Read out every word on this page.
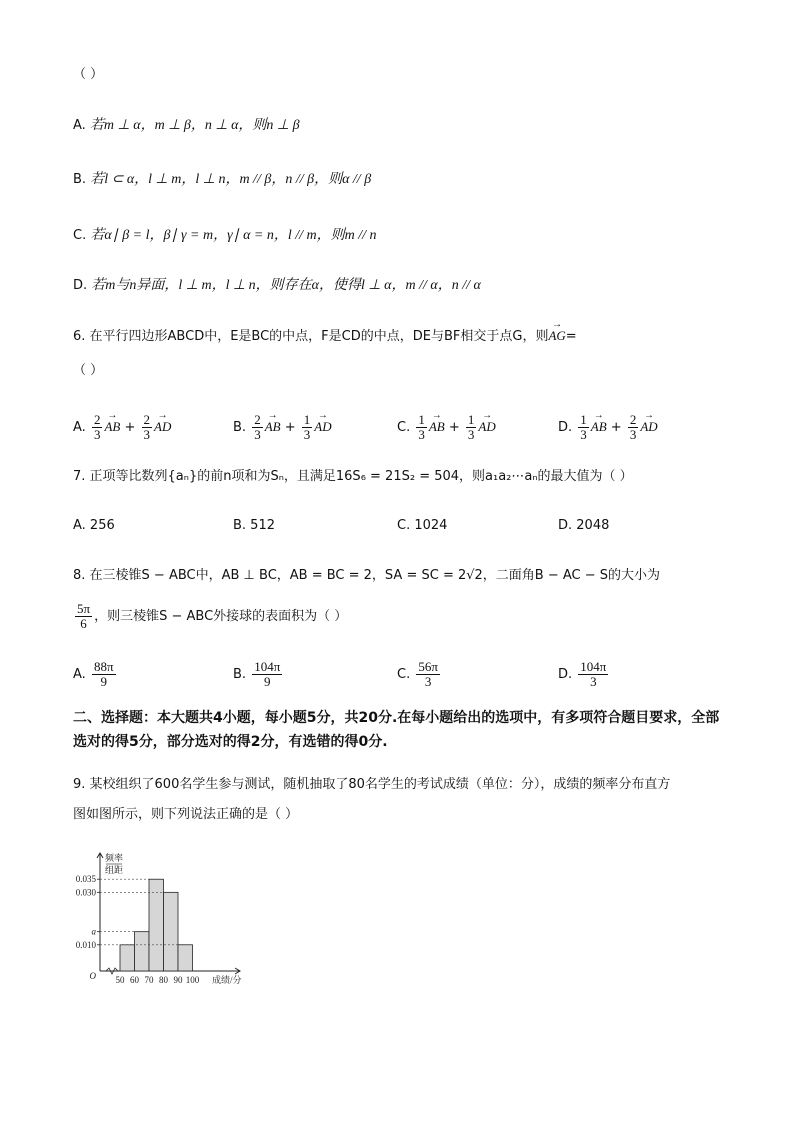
（ ）
A. 若m ⊥ α，m ⊥ β，n ⊥ α，则n ⊥ β
B. 若l ⊂ α，l ⊥ m，l ⊥ n，m // β，n // β，则α // β
C. 若α∣ β = l，β∣ γ = m，γ∣ α = n，l // m，则m // n
D. 若m与n异面，l ⊥ m，l ⊥ n，则存在α，使得l ⊥ α，m // α，n // α
6. 在平行四边形ABCD中，E是BC的中点，F是CD的中点，DE与BF相交于点G，则→ AG=
（ ）
A. $\frac{2}{3}$ → AB + $\frac{2}{3}$ → AD	B. $\frac{2}{3}$ → AB + $\frac{1}{3}$ → AD	C. $\frac{1}{3}$ → AB + $\frac{1}{3}$ → AD	D. $\frac{1}{3}$ → AB + $\frac{2}{3}$ → AD
7. 正项等比数列{aₙ}的前n项和为Sₙ，且满足16S₆ = 21S₂ = 504，则a₁a₂⋯aₙ的最大值为（ ）
A. 256	B. 512	C. 1024	D. 2048
8. 在三棱锥S − ABC中，AB ⊥ BC，AB = BC = 2，SA = SC = 2√2，二面角B − AC − S的大小为
$\frac{5\pi}{6}$ ，则三棱锥S − ABC外接球的表面积为（ ）
A. $\frac{88\pi}{9}$	B. $\frac{104\pi}{9}$	C. $\frac{56\pi}{3}$	D. $\frac{104\pi}{3}$
二、选择题：本大题共4小题，每小题5分，共20分.在每小题给出的选项中，有多项符合题目要求，全部选对的得5分，部分选对的得2分，有选错的得0分.
9. 某校组织了600名学生参与测试，随机抽取了80名学生的考试成绩（单位：分），成绩的频率分布直方
图如图所示，则下列说法正确的是（ ）
频率
组距
0.035
0.030
a
0.010
50 60 70 80 90 100
O	成绩/分
